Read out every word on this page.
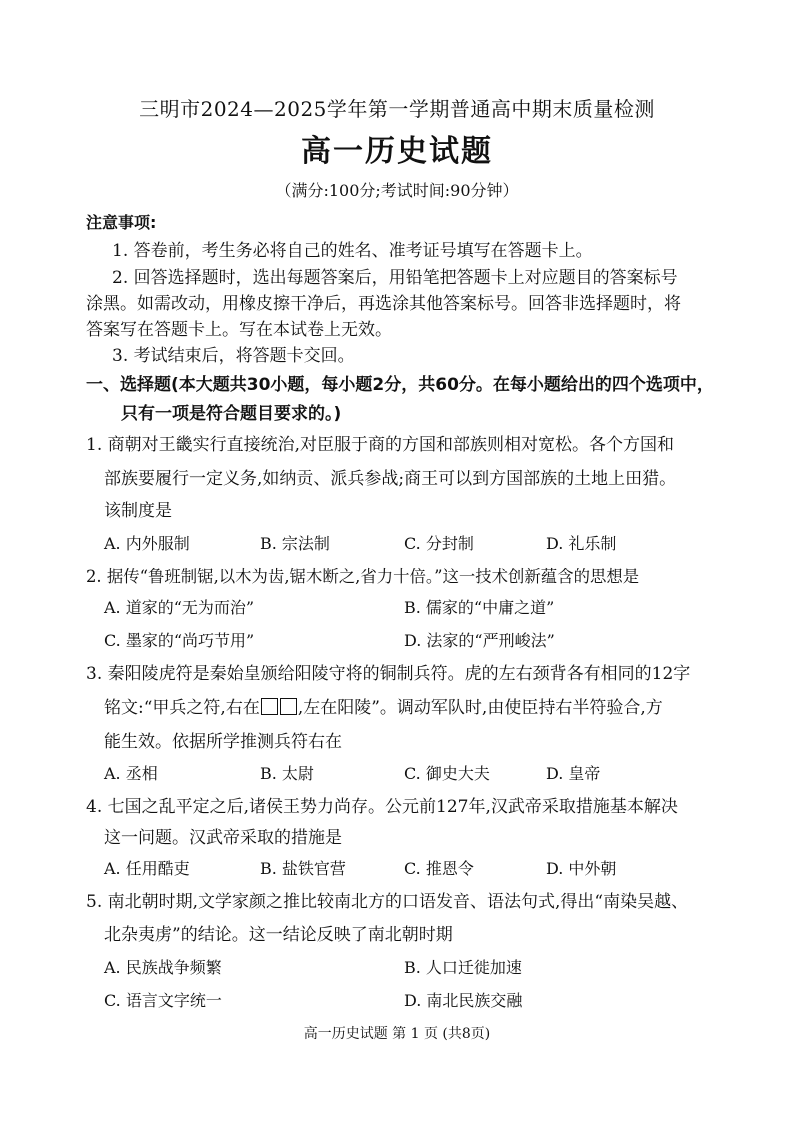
三明市2024—2025学年第一学期普通高中期末质量检测
高一历史试题
（满分:100分;考试时间:90分钟）
注意事项:
1. 答卷前，考生务必将自己的姓名、准考证号填写在答题卡上。
2. 回答选择题时，选出每题答案后，用铅笔把答题卡上对应题目的答案标号
涂黑。如需改动，用橡皮擦干净后，再选涂其他答案标号。回答非选择题时，将
答案写在答题卡上。写在本试卷上无效。
3. 考试结束后，将答题卡交回。
一、选择题(本大题共30小题，每小题2分，共60分。在每小题给出的四个选项中，
只有一项是符合题目要求的。)
1. 商朝对王畿实行直接统治,对臣服于商的方国和部族则相对宽松。各个方国和
部族要履行一定义务,如纳贡、派兵参战;商王可以到方国部族的土地上田猎。
该制度是
A. 内外服制	B. 宗法制	C. 分封制	D. 礼乐制
2. 据传“鲁班制锯,以木为齿,锯木断之,省力十倍。”这一技术创新蕴含的思想是
A. 道家的“无为而治”	B. 儒家的“中庸之道”
C. 墨家的“尚巧节用”	D. 法家的“严刑峻法”
3. 秦阳陵虎符是秦始皇颁给阳陵守将的铜制兵符。虎的左右颈背各有相同的12字
铭文:“甲兵之符,右在 ,左在阳陵”。调动军队时,由使臣持右半符验合,方
能生效。依据所学推测兵符右在
A. 丞相	B. 太尉	C. 御史大夫	D. 皇帝
4. 七国之乱平定之后,诸侯王势力尚存。公元前127年,汉武帝采取措施基本解决
这一问题。汉武帝采取的措施是
A. 任用酷吏	B. 盐铁官营	C. 推恩令	D. 中外朝
5. 南北朝时期,文学家颜之推比较南北方的口语发音、语法句式,得出“南染吴越、
北杂夷虏”的结论。这一结论反映了南北朝时期
A. 民族战争频繁	B. 人口迁徙加速
C. 语言文字统一	D. 南北民族交融
高一历史试题 第 1 页 (共8页)
